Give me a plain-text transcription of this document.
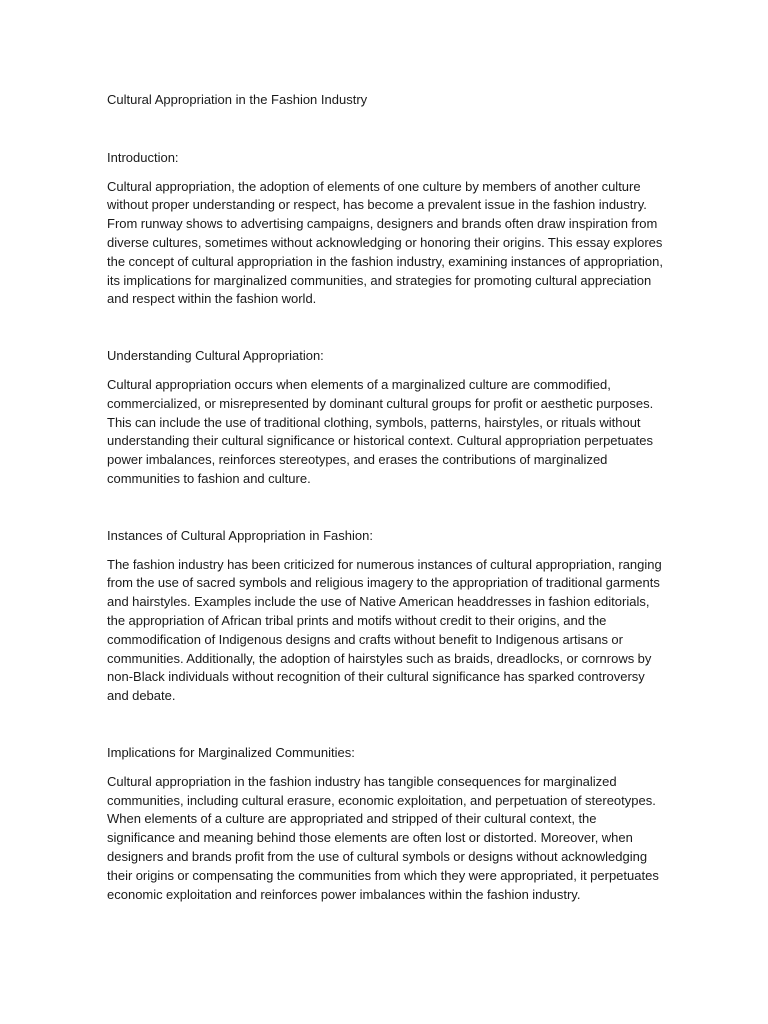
Cultural Appropriation in the Fashion Industry
Introduction:

Cultural appropriation, the adoption of elements of one culture by members of another culture without proper understanding or respect, has become a prevalent issue in the fashion industry. From runway shows to advertising campaigns, designers and brands often draw inspiration from diverse cultures, sometimes without acknowledging or honoring their origins. This essay explores the concept of cultural appropriation in the fashion industry, examining instances of appropriation, its implications for marginalized communities, and strategies for promoting cultural appreciation and respect within the fashion world.

Understanding Cultural Appropriation:

Cultural appropriation occurs when elements of a marginalized culture are commodified, commercialized, or misrepresented by dominant cultural groups for profit or aesthetic purposes. This can include the use of traditional clothing, symbols, patterns, hairstyles, or rituals without understanding their cultural significance or historical context. Cultural appropriation perpetuates power imbalances, reinforces stereotypes, and erases the contributions of marginalized communities to fashion and culture.

Instances of Cultural Appropriation in Fashion:

The fashion industry has been criticized for numerous instances of cultural appropriation, ranging from the use of sacred symbols and religious imagery to the appropriation of traditional garments and hairstyles. Examples include the use of Native American headdresses in fashion editorials, the appropriation of African tribal prints and motifs without credit to their origins, and the commodification of Indigenous designs and crafts without benefit to Indigenous artisans or communities. Additionally, the adoption of hairstyles such as braids, dreadlocks, or cornrows by non-Black individuals without recognition of their cultural significance has sparked controversy and debate.

Implications for Marginalized Communities:

Cultural appropriation in the fashion industry has tangible consequences for marginalized communities, including cultural erasure, economic exploitation, and perpetuation of stereotypes. When elements of a culture are appropriated and stripped of their cultural context, the significance and meaning behind those elements are often lost or distorted. Moreover, when designers and brands profit from the use of cultural symbols or designs without acknowledging their origins or compensating the communities from which they were appropriated, it perpetuates economic exploitation and reinforces power imbalances within the fashion industry.
